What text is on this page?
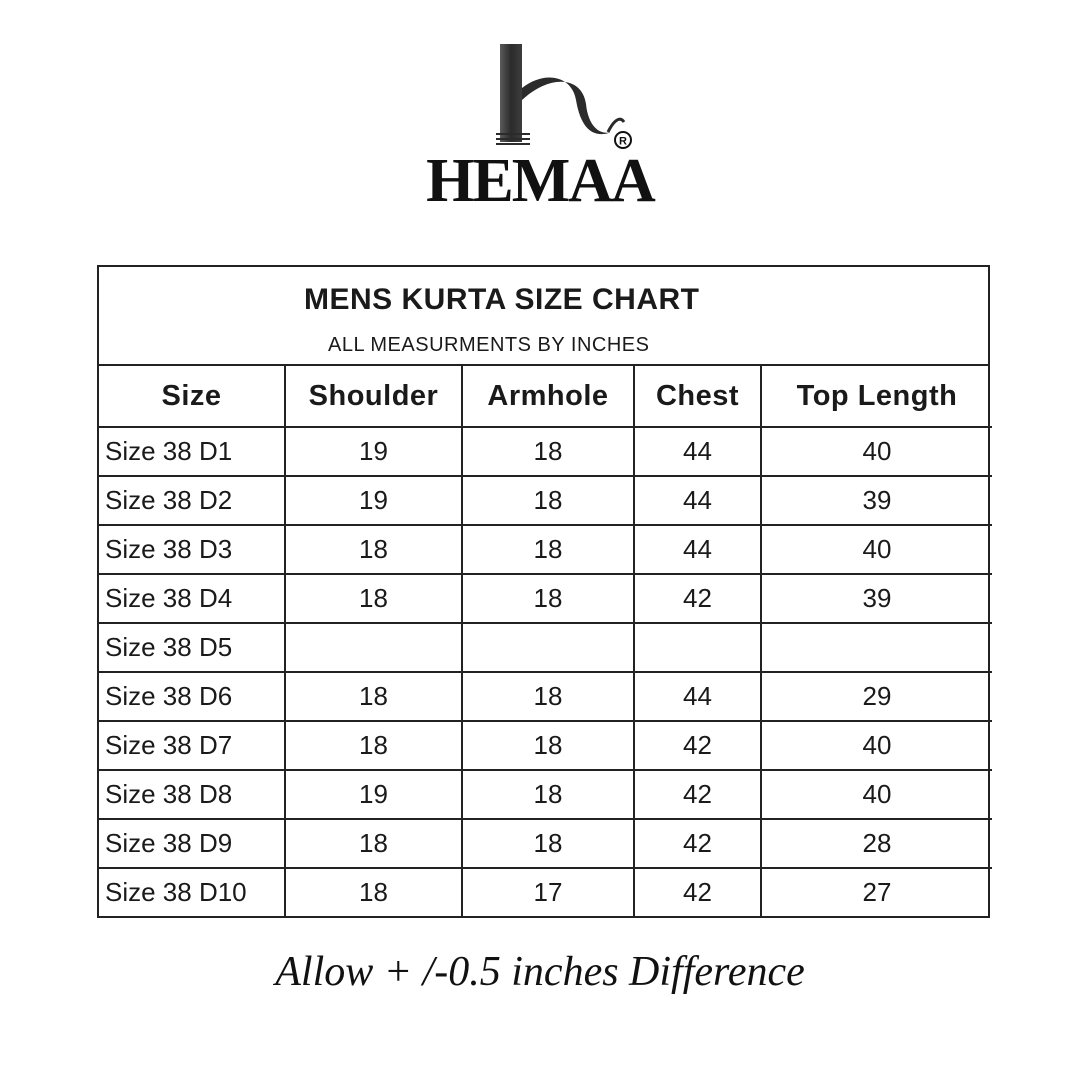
R
HEMAA
MENS KURTA SIZE CHART
ALL MEASURMENTS BY INCHES
Size	Shoulder	Armhole	Chest	Top Length
Size 38 D1	19	18	44	40
Size 38 D2	19	18	44	39
Size 38 D3	18	18	44	40
Size 38 D4	18	18	42	39
Size 38 D5				
Size 38 D6	18	18	44	29
Size 38 D7	18	18	42	40
Size 38 D8	19	18	42	40
Size 38 D9	18	18	42	28
Size 38 D10	18	17	42	27
Allow + /-0.5 inches Difference
